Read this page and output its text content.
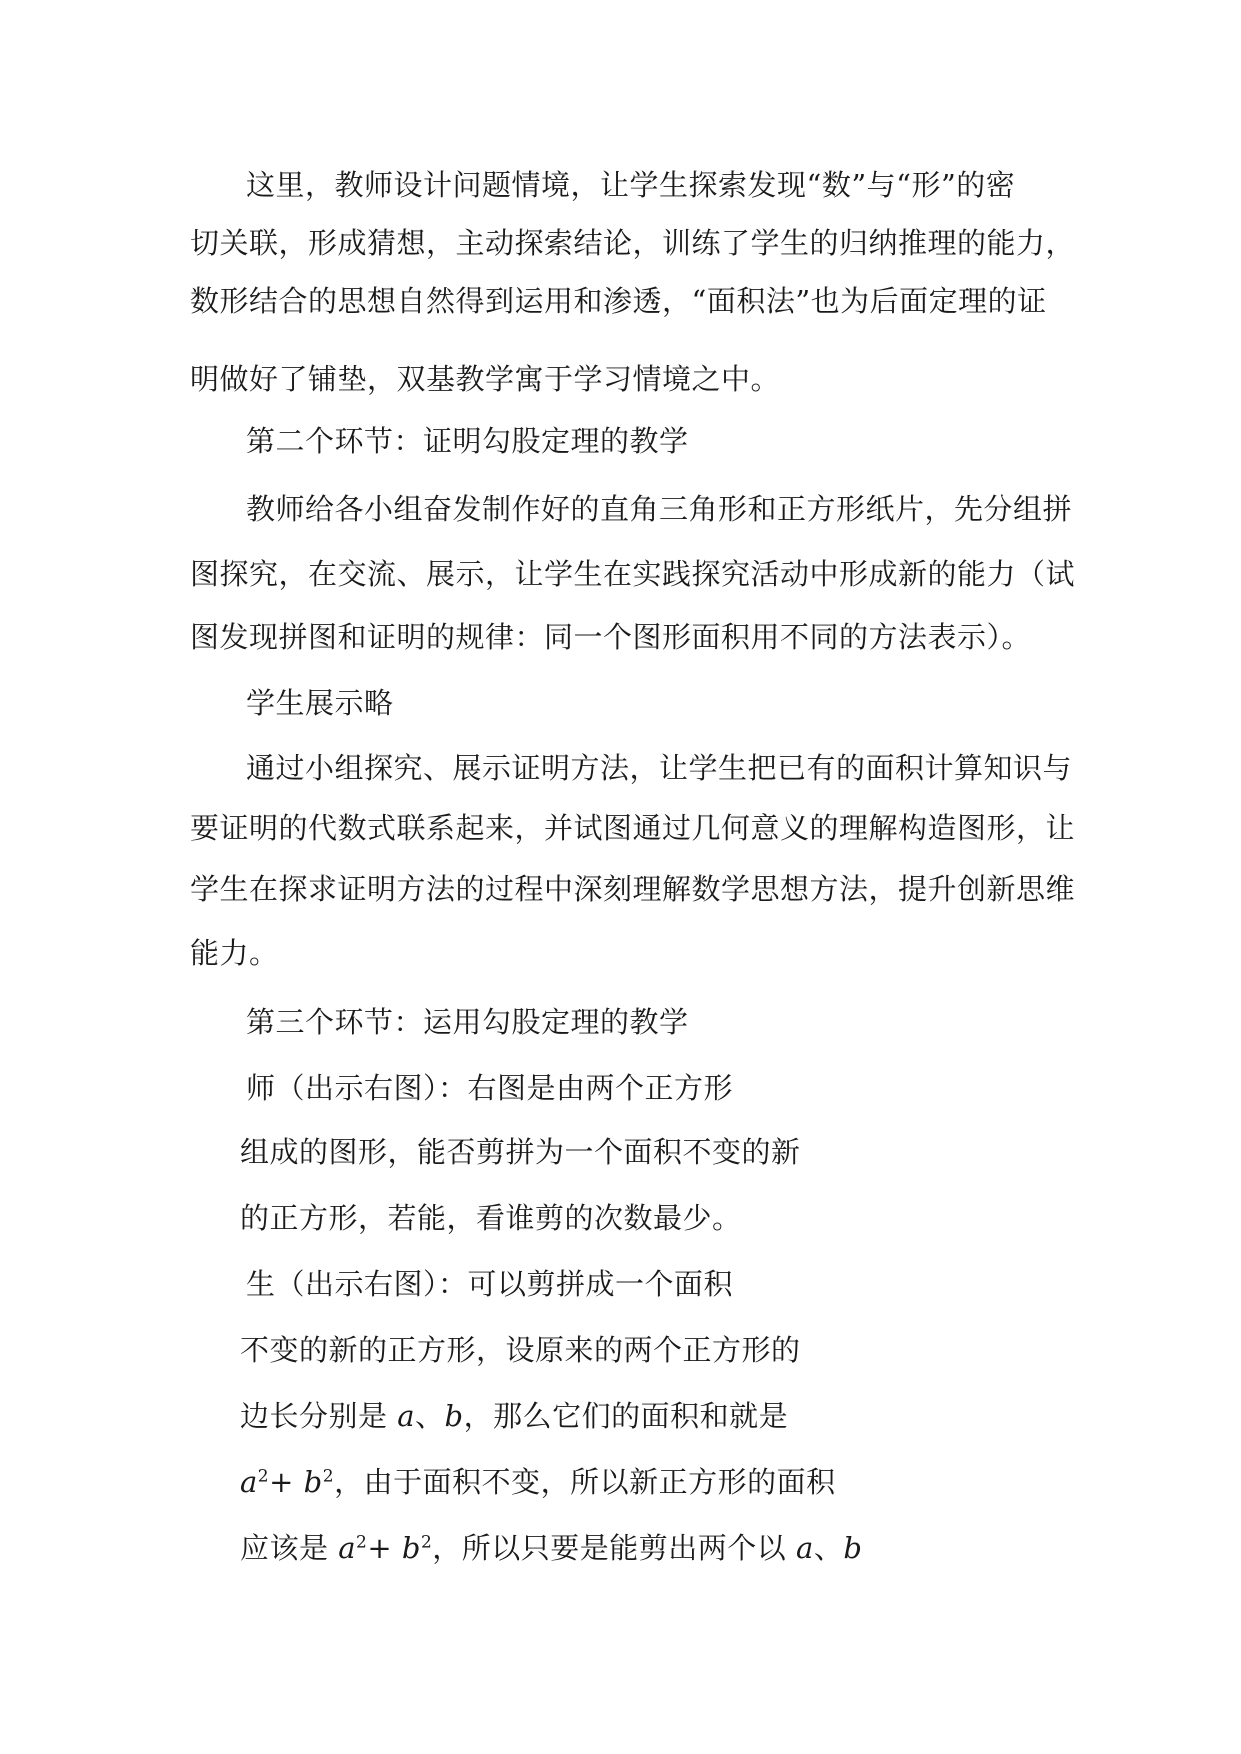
这里，教师设计问题情境，让学生探索发现“数”与“形”的密
切关联，形成猜想，主动探索结论，训练了学生的归纳推理的能力，
数形结合的思想自然得到运用和渗透，“面积法”也为后面定理的证
明做好了铺垫，双基教学寓于学习情境之中。
第二个环节：证明勾股定理的教学
教师给各小组奋发制作好的直角三角形和正方形纸片，先分组拼
图探究，在交流、展示，让学生在实践探究活动中形成新的能力（试
图发现拼图和证明的规律：同一个图形面积用不同的方法表示）。
学生展示略
通过小组探究、展示证明方法，让学生把已有的面积计算知识与
要证明的代数式联系起来，并试图通过几何意义的理解构造图形，让
学生在探求证明方法的过程中深刻理解数学思想方法，提升创新思维
能力。
第三个环节：运用勾股定理的教学
师（出示右图）：右图是由两个正方形
组成的图形，能否剪拼为一个面积不变的新
的正方形，若能，看谁剪的次数最少。
生（出示右图）：可以剪拼成一个面积
不变的新的正方形，设原来的两个正方形的
边长分别是 a、b，那么它们的面积和就是
$a^2+ b^2$，由于面积不变，所以新正方形的面积
应该是 $a^2+ b^2$，所以只要是能剪出两个以 a、b
